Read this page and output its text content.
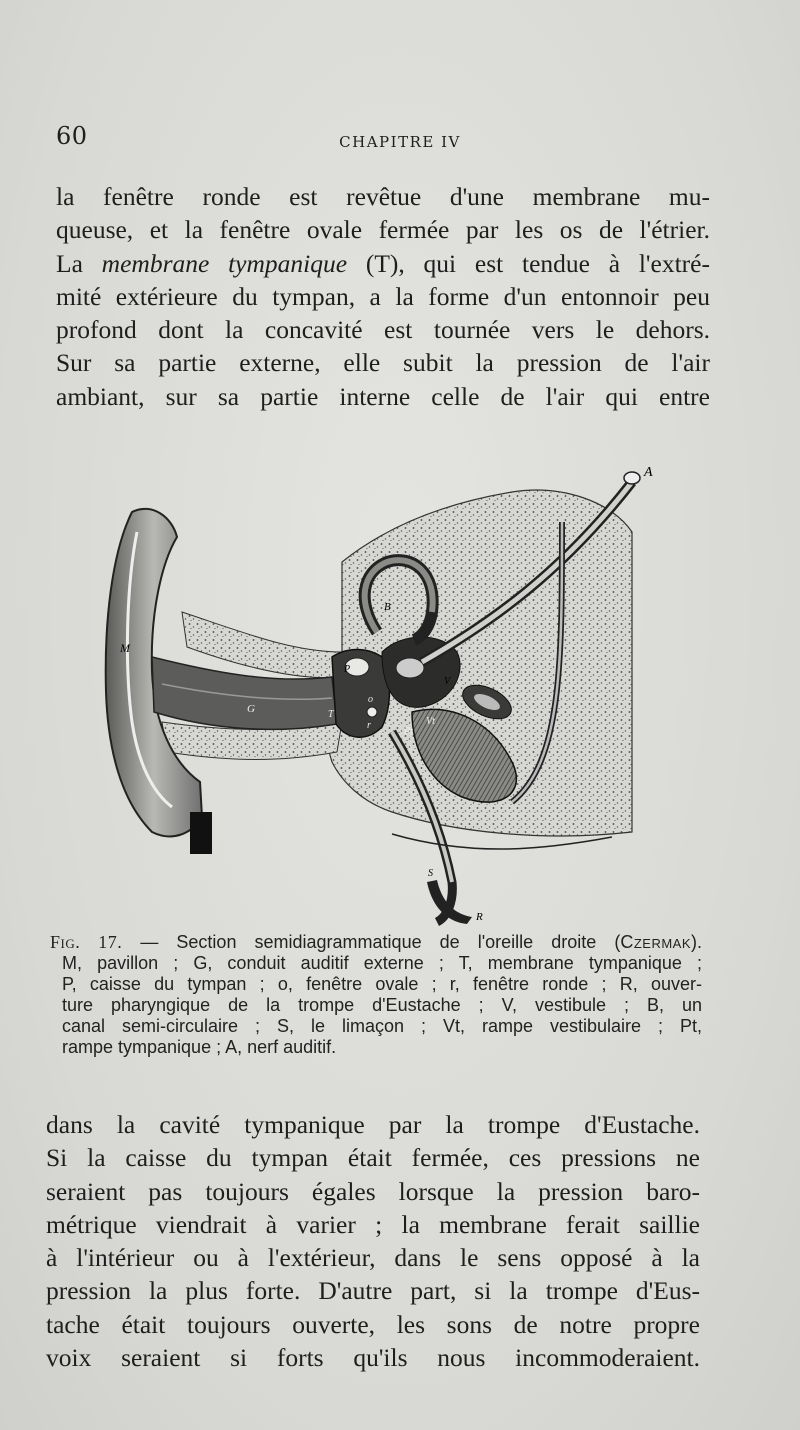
60	CHAPITRE IV
la fenêtre ronde est revêtue d'une membrane mu-
queuse, et la fenêtre ovale fermée par les os de l'étrier.
La membrane tympanique (T), qui est tendue à l'extré-
mité extérieure du tympan, a la forme d'un entonnoir peu
profond dont la concavité est tournée vers le dehors.
Sur sa partie externe, elle subit la pression de l'air
ambiant, sur sa partie interne celle de l'air qui entre
A
B
M
G
P
o
r
T
V
Vt
Pt
S
R
Fig. 17. — Section semidiagrammatique de l'oreille droite (Czermak).
M, pavillon ; G, conduit auditif externe ; T, membrane tympanique ;
P, caisse du tympan ; o, fenêtre ovale ; r, fenêtre ronde ; R, ouver-
ture pharyngique de la trompe d'Eustache ; V, vestibule ; B, un
canal semi-circulaire ; S, le limaçon ; Vt, rampe vestibulaire ; Pt,
rampe tympanique ; A, nerf auditif.
dans la cavité tympanique par la trompe d'Eustache.
Si la caisse du tympan était fermée, ces pressions ne
seraient pas toujours égales lorsque la pression baro-
métrique viendrait à varier ; la membrane ferait saillie
à l'intérieur ou à l'extérieur, dans le sens opposé à la
pression la plus forte. D'autre part, si la trompe d'Eus-
tache était toujours ouverte, les sons de notre propre
voix seraient si forts qu'ils nous incommoderaient.
